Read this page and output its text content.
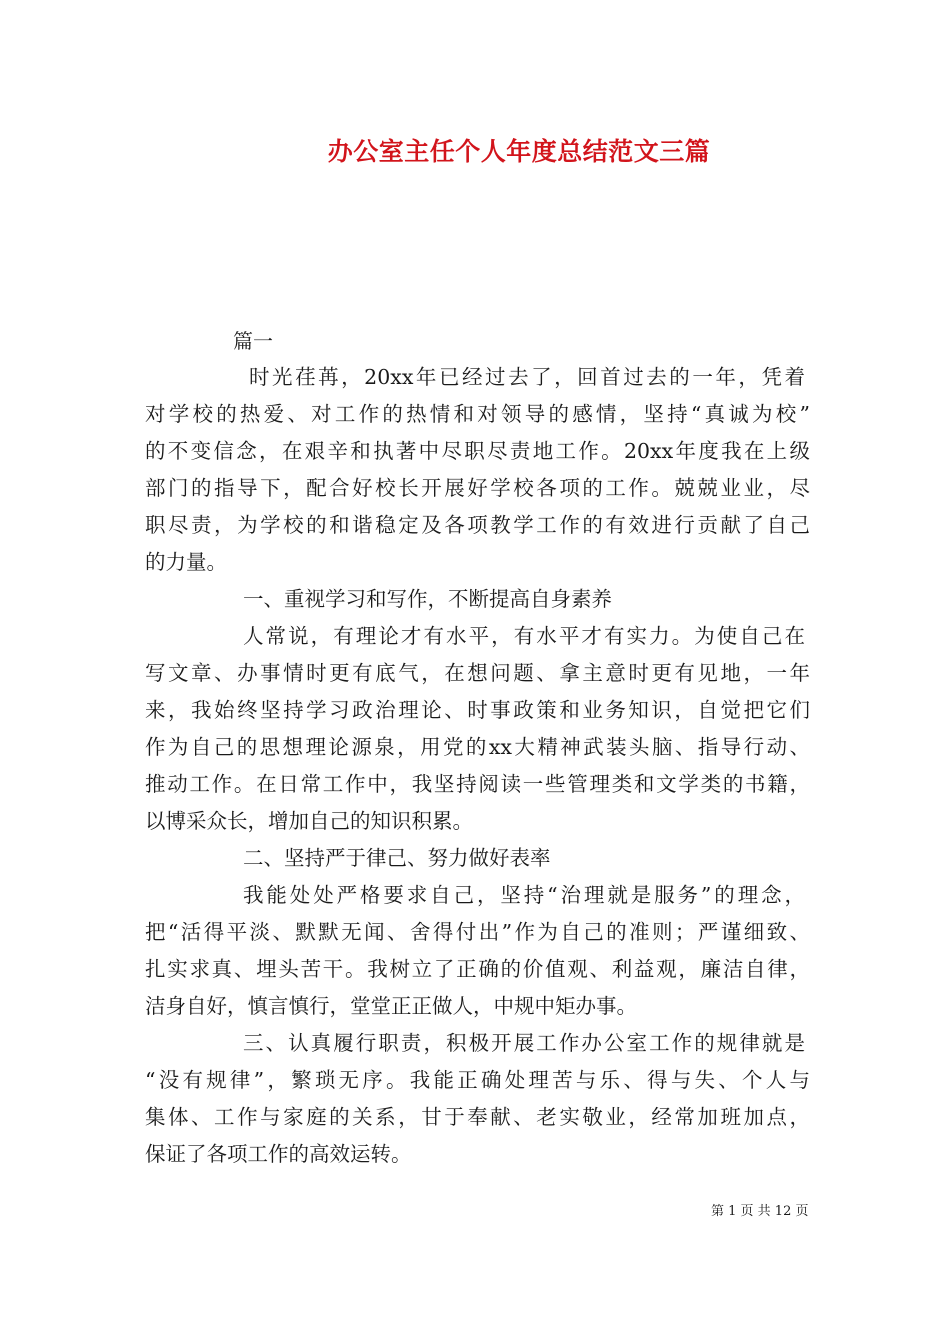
办公室主任个人年度总结范文三篇
篇一
时光荏苒，20xx年已经过去了，回首过去的一年，凭着
对学校的热爱、对工作的热情和对领导的感情，坚持“真诚为校”
的不变信念，在艰辛和执著中尽职尽责地工作。20xx年度我在上级
部门的指导下，配合好校长开展好学校各项的工作。兢兢业业，尽
职尽责，为学校的和谐稳定及各项教学工作的有效进行贡献了自己
的力量。
一、重视学习和写作，不断提高自身素养
人常说，有理论才有水平，有水平才有实力。为使自己在
写文章、办事情时更有底气，在想问题、拿主意时更有见地，一年
来，我始终坚持学习政治理论、时事政策和业务知识，自觉把它们
作为自己的思想理论源泉，用党的xx大精神武装头脑、指导行动、
推动工作。在日常工作中，我坚持阅读一些管理类和文学类的书籍，
以博采众长，增加自己的知识积累。
二、坚持严于律己、努力做好表率
我能处处严格要求自己，坚持“治理就是服务”的理念，
把“活得平淡、默默无闻、舍得付出”作为自己的准则；严谨细致、
扎实求真、埋头苦干。我树立了正确的价值观、利益观，廉洁自律，
洁身自好，慎言慎行，堂堂正正做人，中规中矩办事。
三、认真履行职责，积极开展工作办公室工作的规律就是
“没有规律”，繁琐无序。我能正确处理苦与乐、得与失、个人与
集体、工作与家庭的关系，甘于奉献、老实敬业，经常加班加点，
保证了各项工作的高效运转。
第 1 页 共 12 页
